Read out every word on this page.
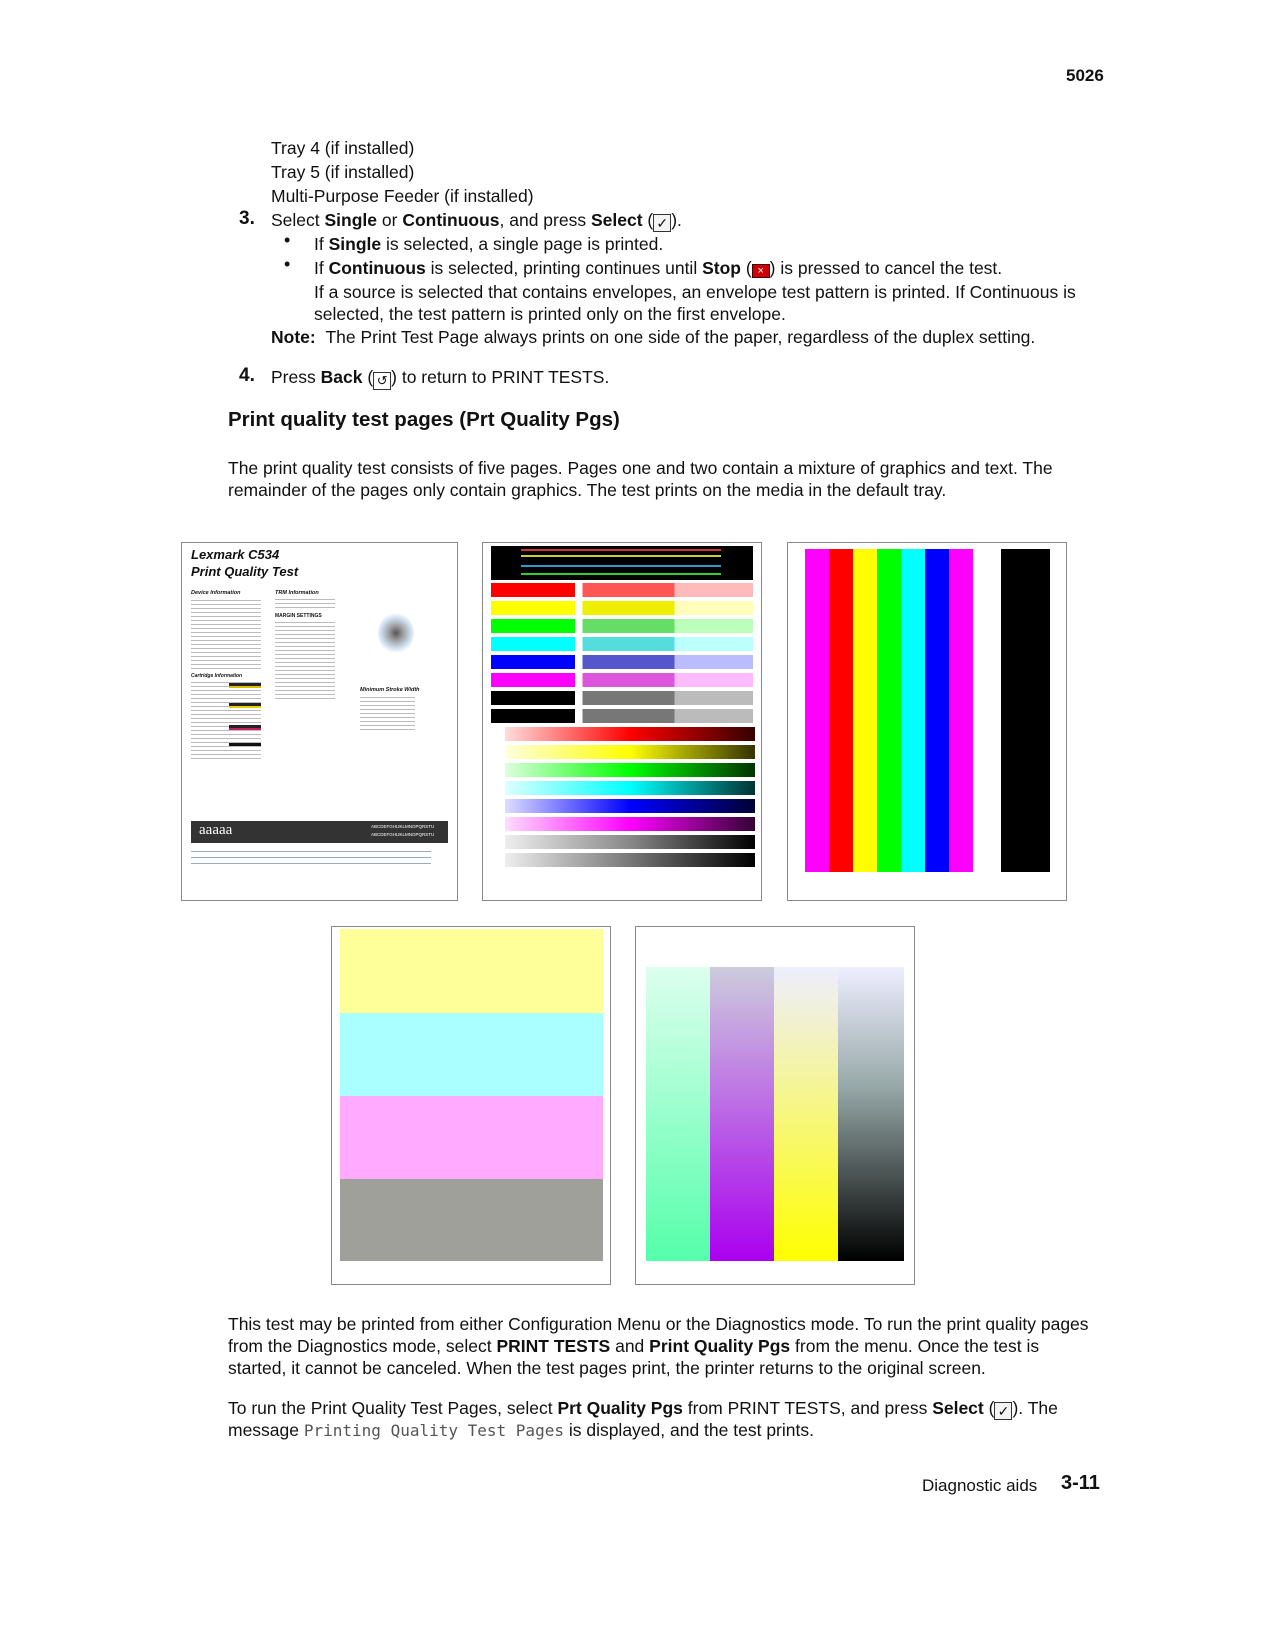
5026
Tray 4 (if installed)
Tray 5 (if installed)
Multi-Purpose Feeder (if installed)
3. Select Single or Continuous, and press Select ( ✓ ).
• If Single is selected, a single page is printed.
• If Continuous is selected, printing continues until Stop ( × ) is pressed to cancel the test.
If a source is selected that contains envelopes, an envelope test pattern is printed. If Continuous is
selected, the test pattern is printed only on the first envelope.
Note: The Print Test Page always prints on one side of the paper, regardless of the duplex setting.
4. Press Back ( ↺ ) to return to PRINT TESTS.
Print quality test pages (Prt Quality Pgs)
The print quality test consists of five pages. Pages one and two contain a mixture of graphics and text. The
remainder of the pages only contain graphics. The test prints on the media in the default tray.
Lexmark C534
Print Quality Test
Device Information	TRM Information
MARGIN SETTINGS
Cartridge Information
Minimum Stroke Width
aaaaa	ABCDEFGHIJKLMNOPQRSTU
ABCDEFGHIJKLMNOPQRSTU
This test may be printed from either Configuration Menu or the Diagnostics mode. To run the print quality pages
from the Diagnostics mode, select PRINT TESTS and Print Quality Pgs from the menu. Once the test is
started, it cannot be canceled. When the test pages print, the printer returns to the original screen.
To run the Print Quality Test Pages, select Prt Quality Pgs from PRINT TESTS, and press Select ( ✓ ). The
message Printing Quality Test Pages is displayed, and the test prints.
Diagnostic aids 3-11
